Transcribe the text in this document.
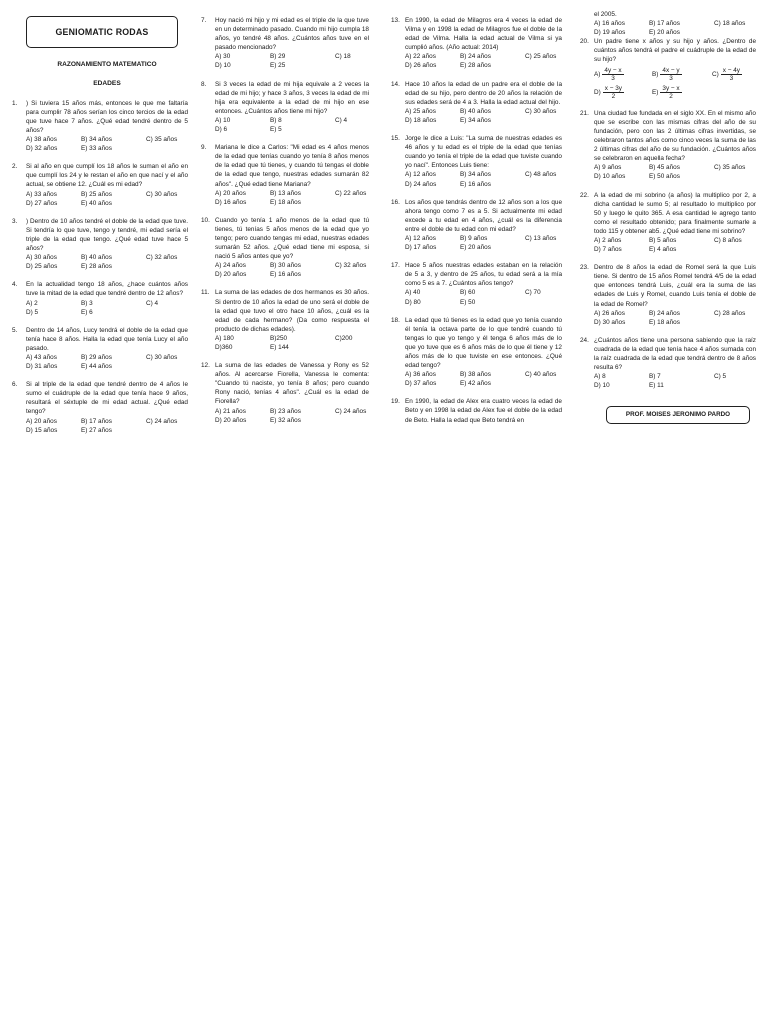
GENIOMATIC RODAS
RAZONAMIENTO MATEMATICO
EDADES
1.	) Si tuviera 15 años más, entonces le que me faltaría para cumplir 78 años serían los cinco tercios de la edad que tuve hace 7 años. ¿Qué edad tendré dentro de 5 años?
A) 38 años	B) 34 años	C) 35 años
D) 32 años	E) 33 años
2.	Si al año en que cumplí los 18 años le suman el año en que cumplí los 24 y le restan el año en que nací y el año actual, se obtiene 12. ¿Cuál es mi edad?
A) 33 años	B) 25 años	C) 30 años
D) 27 años	E) 40 años
3.	) Dentro de 10 años tendré el doble de la edad que tuve. Si tendría lo que tuve, tengo y tendré, mi edad sería el triple de la edad que tengo. ¿Qué edad tuve hace 5 años?
A) 30 años	B) 40 años	C) 32 años
D) 25 años	E) 28 años
4.	En la actualidad tengo 18 años, ¿hace cuántos años tuve la mitad de la edad que tendré dentro de 12 años?
A) 2	B) 3	C) 4
D) 5	E) 6
5.	Dentro de 14 años, Lucy tendrá el doble de la edad que tenía hace 8 años. Halla la edad que tenía Lucy el año pasado.
A) 43 años	B) 29 años	C) 30 años
D) 31 años	E) 44 años
6.	Si al triple de la edad que tendré dentro de 4 años le sumo el cuádruple de la edad que tenía hace 9 años, resultará el séxtuple de mi edad actual. ¿Qué edad tengo?
A) 20 años	B) 17 años	C) 24 años
D) 15 años	E) 27 años
7.	Hoy nació mi hijo y mi edad es el triple de la que tuve en un determinado pasado. Cuando mi hijo cumpla 18 años, yo tendré 48 años. ¿Cuántos años tuve en el pasado mencionado?
A) 30	B) 29	C) 18
D) 10	E) 25
8.	Si 3 veces la edad de mi hija equivale a 2 veces la edad de mi hijo; y hace 3 años, 3 veces la edad de mi hija era equivalente a la edad de mi hijo en ese entonces. ¿Cuántos años tiene mi hijo?
A) 10	B) 8	C) 4
D) 6	E) 5
9.	Mariana le dice a Carlos: "Mi edad es 4 años menos de la edad que tenías cuando yo tenía 8 años menos de la edad que tú tienes, y cuando tú tengas el doble de la edad que tengo, nuestras edades sumarán 82 años". ¿Qué edad tiene Mariana?
A) 20 años	B) 13 años	C) 22 años
D) 16 años	E) 18 años
10. Cuando yo tenía 1 año menos de la edad que tú tienes, tú tenías 5 años menos de la edad que yo tengo; pero cuando tengas mi edad, nuestras edades sumarán 52 años. ¿Qué edad tiene mi esposa, si nació 5 años antes que yo?
A) 24 años	B) 30 años	C) 32 años
D) 20 años	E) 16 años
11. La suma de las edades de dos hermanos es 30 años. Si dentro de 10 años la edad de uno será el doble de la edad que tuvo el otro hace 10 años, ¿cuál es la edad de cada hermano? (Da como respuesta el producto de dichas edades).
A) 180	B)250	C)200
D)360	E) 144
12. La suma de las edades de Vanessa y Rony es 52 años. Al acercarse Fiorella, Vanessa le comenta: "Cuando tú naciste, yo tenía 8 años; pero cuando Rony nació, tenías 4 años". ¿Cuál es la edad de Fiorella?
A) 21 años	B) 23 años	C) 24 años
D) 20 años	E) 32 años
13. En 1990, la edad de Milagros era 4 veces la edad de Vilma y en 1998 la edad de Milagros fue el doble de la edad de Vilma. Halla la edad actual de Vilma si ya cumplió años. (Año actual: 2014)
A) 22 años	B) 24 años	C) 25 años
D) 26 años	E) 28 años
14. Hace 10 años la edad de un padre era el doble de la edad de su hijo, pero dentro de 20 años la relación de sus edades será de 4 a 3. Halla la edad actual del hijo.
A) 25 años	B) 40 años	C) 30 años
D) 18 años	E) 34 años
15. Jorge le dice a Luis: "La suma de nuestras edades es 46 años y tu edad es el triple de la edad que tenías cuando yo tenía el triple de la edad que tuviste cuando yo nací". Entonces Luis tiene:
A) 12 años	B) 34 años	C) 48 años
D) 24 años	E) 16 años
16. Los años que tendrás dentro de 12 años son a los que ahora tengo como 7 es a 5. Si actualmente mi edad excede a tu edad en 4 años, ¿cuál es la diferencia entre el doble de tu edad con mi edad?
A) 12 años	B) 9 años	C) 13 años
D) 17 años	E) 20 años
17. Hace 5 años nuestras edades estaban en la relación de 5 a 3, y dentro de 25 años, tu edad será a la mía como 5 es a 7. ¿Cuántos años tengo?
A) 40	B) 60	C) 70
D) 80	E) 50
18. La edad que tú tienes es la edad que yo tenía cuando él tenía la octava parte de lo que tendré cuando tú tengas lo que yo tengo y él tenga 6 años más de lo que yo tuve que es 6 años más de lo que él tiene y 12 años más de lo que tuviste en ese entonces. ¿Qué edad tengo?
A) 36 años	B) 38 años	C) 40 años
D) 37 años	E) 42 años
19. En 1990, la edad de Alex era cuatro veces la edad de Beto y en 1998 la edad de Alex fue el doble de la edad de Beto. Halla la edad que Beto tendrá en
el 2005.
A) 16 años	B) 17 años	C) 18 años
D) 19 años	E) 20 años
20. Un padre tiene x años y su hijo y años. ¿Dentro de cuántos años tendrá el padre el cuádruple de la edad de su hijo?
$A) \frac{4y - x}{3}$	$B) \frac{4x - y}{3}$	$C) \frac{x - 4y}{3}$
$D) \frac{x - 3y}{2}$	$E) \frac{3y - x}{2}$
21. Una ciudad fue fundada en el siglo XX. En el mismo año que se escribe con las mismas cifras del año de su fundación, pero con las 2 últimas cifras invertidas, se celebraron tantos años como cinco veces la suma de las 2 últimas cifras del año de su fundación. ¿Cuántos años se celebraron en aquella fecha?
A) 9 años	B) 45 años	C) 35 años
D) 10 años	E) 50 años
22. A la edad de mi sobrino (a años) la multiplico por 2, a dicha cantidad le sumo 5; al resultado lo multiplico por 50 y luego le quito 365. A esa cantidad le agrego tanto como el resultado obtenido; para finalmente sumarle a todo 115 y obtener ab5. ¿Qué edad tiene mi sobrino?
A) 2 años	B) 5 años	C) 8 años
D) 7 años	E) 4 años
23. Dentro de 8 años la edad de Romel será la que Luis tiene. Si dentro de 15 años Romel tendrá 4/5 de la edad que entonces tendrá Luis, ¿cuál era la suma de las edades de Luis y Romel, cuando Luis tenía el doble de la edad de Romel?
A) 26 años	B) 24 años	C) 28 años
D) 30 años	E) 18 años
24. ¿Cuántos años tiene una persona sabiendo que la raíz cuadrada de la edad que tenía hace 4 años sumada con la raíz cuadrada de la edad que tendrá dentro de 8 años resulta 6?
A) 8	B) 7	C) 5
D) 10	E) 11
PROF. MOISES JERONIMO PARDO
